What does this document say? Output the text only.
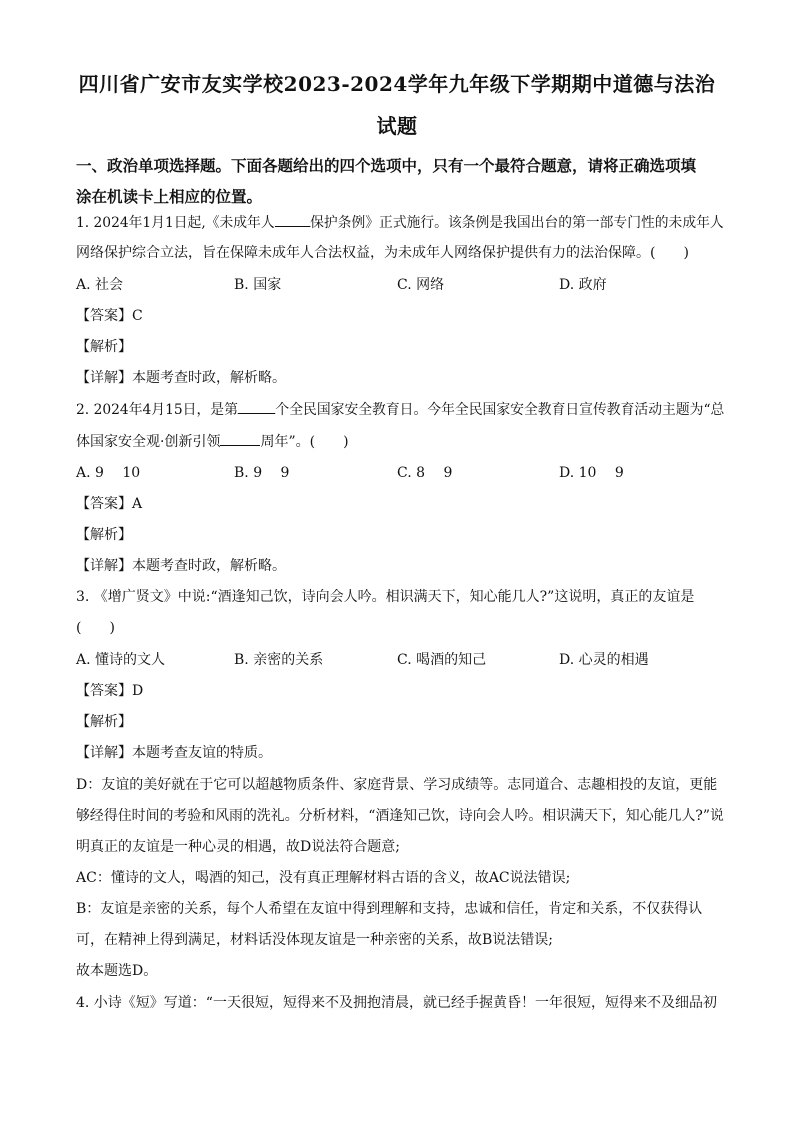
四川省广安市友实学校2023-2024学年九年级下学期期中道德与法治
试题
一、政治单项选择题。下面各题给出的四个选项中，只有一个最符合题意，请将正确选项填
涂在机读卡上相应的位置。
1. 2024年1月1日起,《未成年人	保护条例》正式施行。该条例是我国出台的第一部专门性的未成年人
网络保护综合立法，旨在保障未成年人合法权益，为未成年人网络保护提供有力的法治保障。(　　)
A. 社会	B. 国家	C. 网络	D. 政府
【答案】C
【解析】
【详解】本题考查时政，解析略。
2. 2024年4月15日，是第	个全民国家安全教育日。今年全民国家安全教育日宣传教育活动主题为“总
体国家安全观·创新引领	周年”。(　　)
A. 9　 10	B. 9　 9	C. 8　 9	D. 10　 9
【答案】A
【解析】
【详解】本题考查时政，解析略。
3. 《增广贤文》中说:“酒逢知己饮，诗向会人吟。相识满天下，知心能几人?”这说明，真正的友谊是
(　　)
A. 懂诗的文人	B. 亲密的关系	C. 喝酒的知己	D. 心灵的相遇
【答案】D
【解析】
【详解】本题考查友谊的特质。
D：友谊的美好就在于它可以超越物质条件、家庭背景、学习成绩等。志同道合、志趣相投的友谊，更能
够经得住时间的考验和风雨的洗礼。分析材料，“酒逢知己饮，诗向会人吟。相识满天下，知心能几人?”说
明真正的友谊是一种心灵的相遇，故D说法符合题意;
AC：懂诗的文人，喝酒的知己，没有真正理解材料古语的含义，故AC说法错误;
B：友谊是亲密的关系，每个人希望在友谊中得到理解和支持，忠诚和信任，肯定和关系，不仅获得认
可，在精神上得到满足，材料话没体现友谊是一种亲密的关系，故B说法错误;
故本题选D。
4. 小诗《短》写道：“一天很短，短得来不及拥抱清晨，就已经手握黄昏！一年很短，短得来不及细品初
